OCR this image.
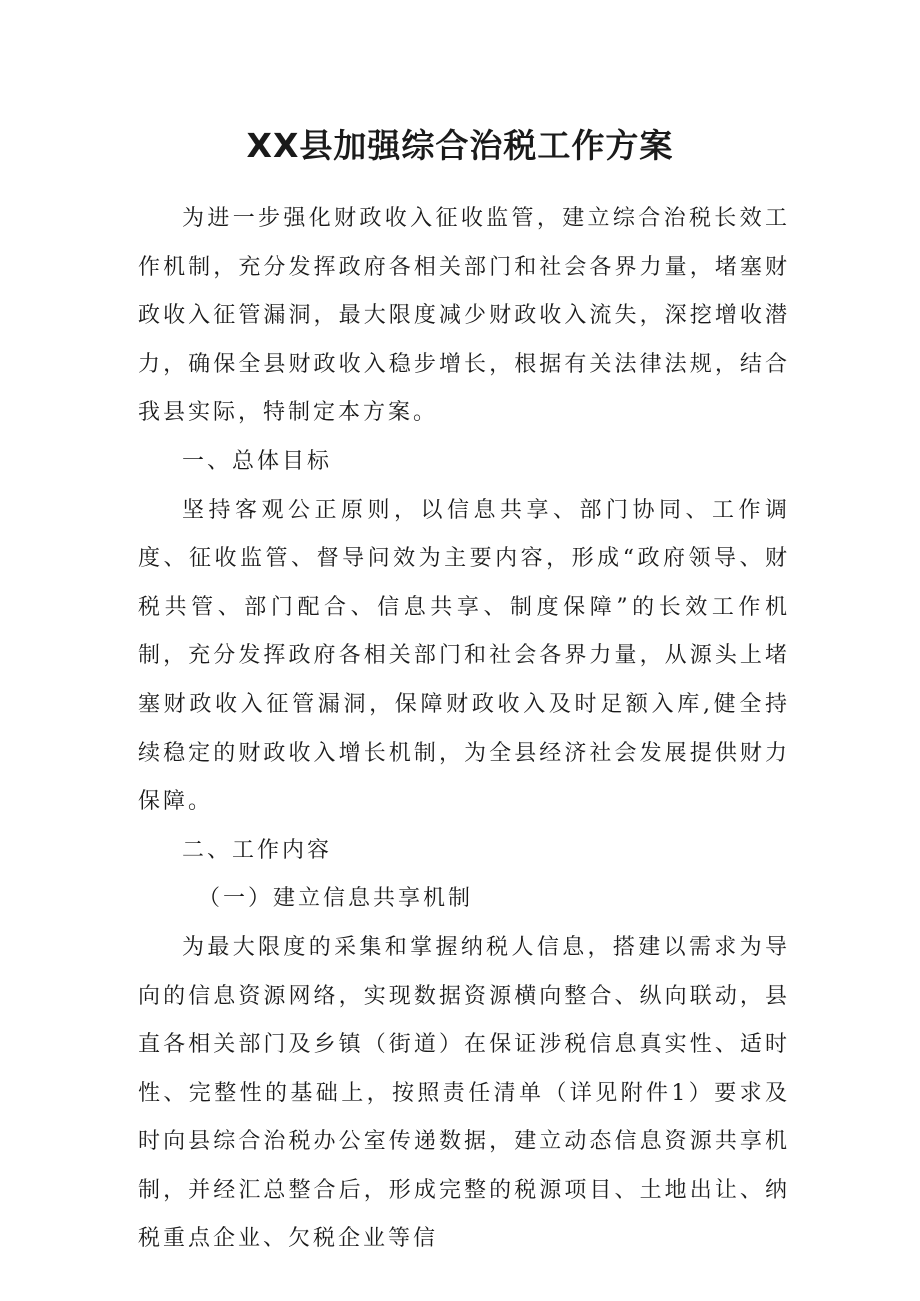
XX县加强综合治税工作方案

为进一步强化财政收入征收监管，建立综合治税长效工作机制，充分发挥政府各相关部门和社会各界力量，堵塞财政收入征管漏洞，最大限度减少财政收入流失，深挖增收潜力，确保全县财政收入稳步增长，根据有关法律法规，结合我县实际，特制定本方案。

一、总体目标

坚持客观公正原则，以信息共享、部门协同、工作调度、征收监管、督导问效为主要内容，形成“政府领导、财税共管、部门配合、信息共享、制度保障”的长效工作机制，充分发挥政府各相关部门和社会各界力量，从源头上堵塞财政收入征管漏洞，保障财政收入及时足额入库,健全持续稳定的财政收入增长机制，为全县经济社会发展提供财力保障。

二、工作内容

（一）建立信息共享机制

为最大限度的采集和掌握纳税人信息，搭建以需求为导向的信息资源网络，实现数据资源横向整合、纵向联动，县直各相关部门及乡镇（街道）在保证涉税信息真实性、适时性、完整性的基础上，按照责任清单（详见附件1）要求及时向县综合治税办公室传递数据，建立动态信息资源共享机制，并经汇总整合后，形成完整的税源项目、土地出让、纳税重点企业、欠税企业等信
